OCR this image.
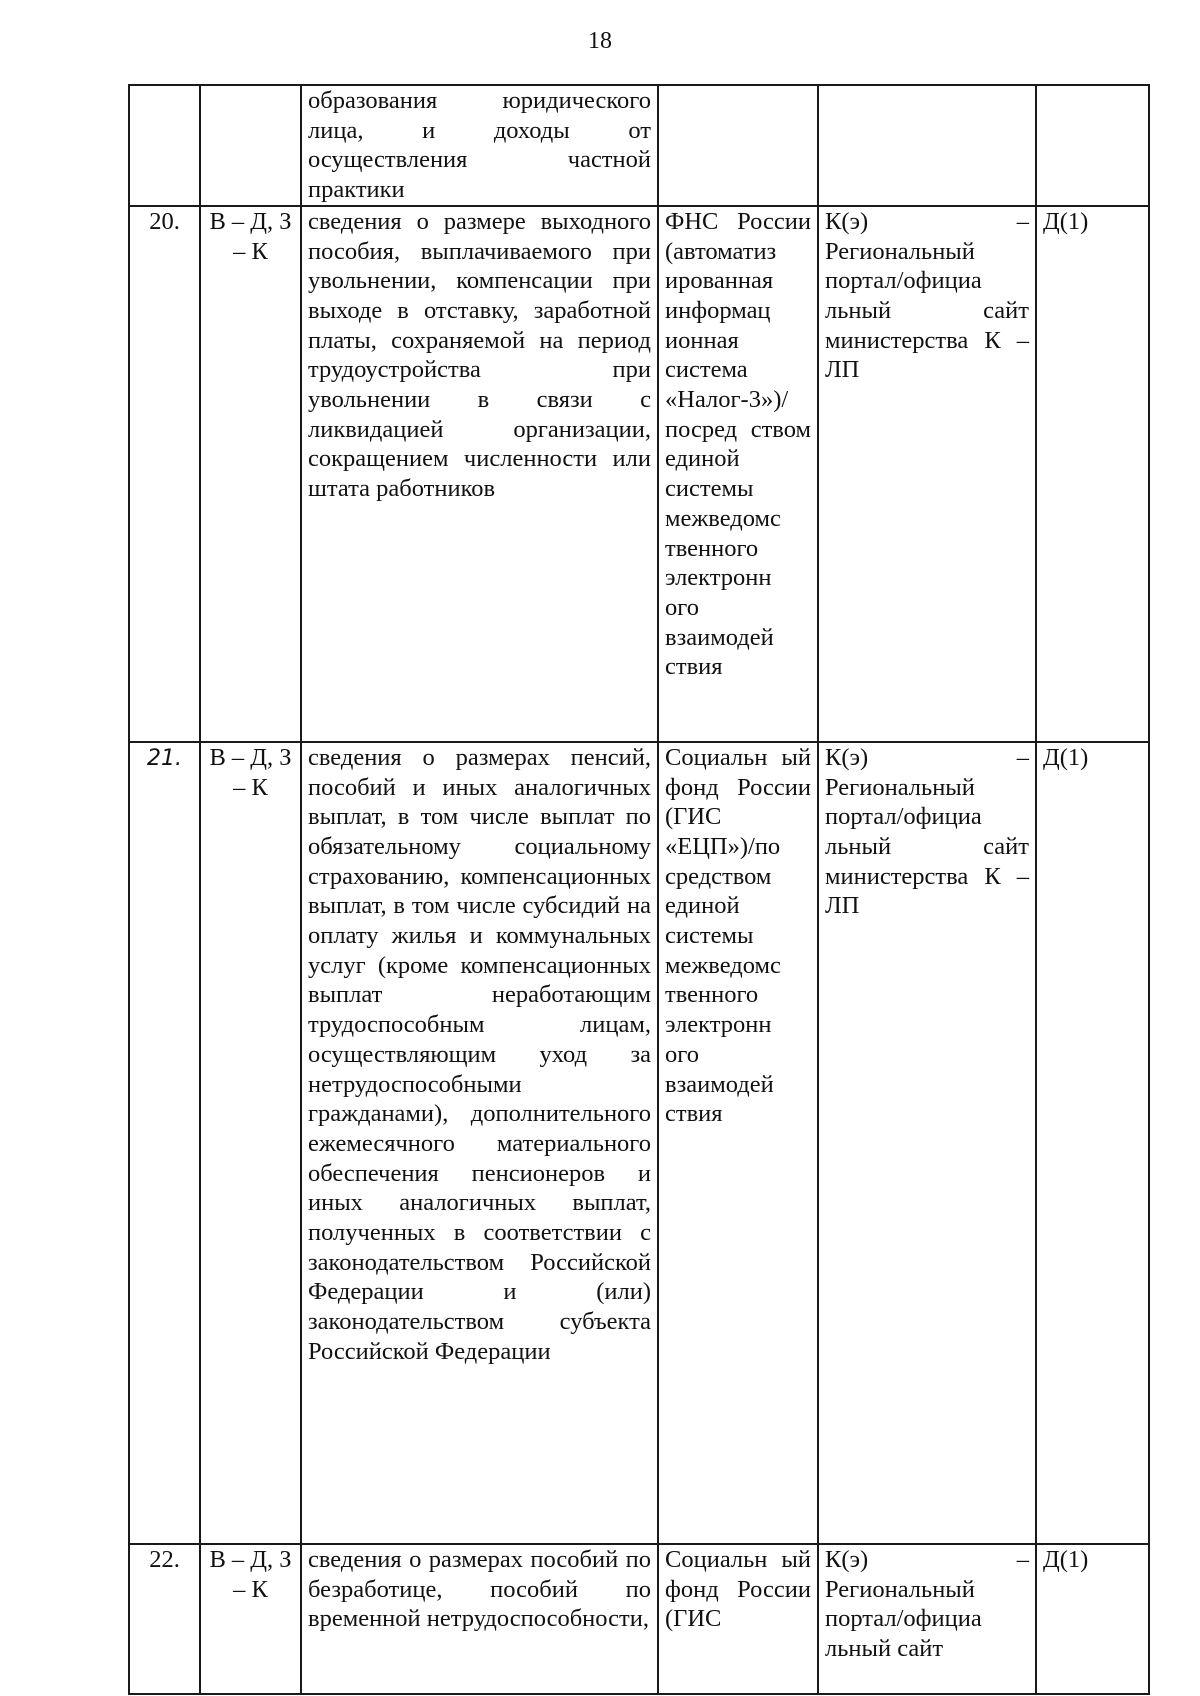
18
		образования юридического лица, и доходы от осуществления частной практики			
20.	В – Д, З – К	сведения о размере выходного пособия, выплачиваемого при увольнении, компенсации при выходе в отставку, заработной платы, сохраняемой на период трудоустройства при увольнении в связи с ликвидацией организации, сокращением численности или штата работников	ФНС России (автоматиз ированная информац ионная система «Налог-3»)/посред ством единой системы межведомс твенного электронн ого взаимодей ствия	К(э) – Региональный портал/официа льный сайт министерства К – ЛП	Д(1)
21.	В – Д, З – К	сведения о размерах пенсий, пособий и иных аналогичных выплат, в том числе выплат по обязательному социальному страхованию, компенсационных выплат, в том числе субсидий на оплату жилья и коммунальных услуг (кроме компенсационных выплат неработающим трудоспособным лицам, осуществляющим уход за нетрудоспособными гражданами), дополнительного ежемесячного материального обеспечения пенсионеров и иных аналогичных выплат, полученных в соответствии с законодательством Российской Федерации и (или) законодательством субъекта Российской Федерации	Социальн ый фонд России (ГИС «ЕЦП»)/по средством единой системы межведомс твенного электронн ого взаимодей ствия	К(э) – Региональный портал/официа льный сайт министерства К – ЛП	Д(1)
22.	В – Д, З – К	сведения о размерах пособий по безработице, пособий по временной нетрудоспособности,	Социальн ый фонд России (ГИС	К(э) – Региональный портал/официа льный сайт	Д(1)
